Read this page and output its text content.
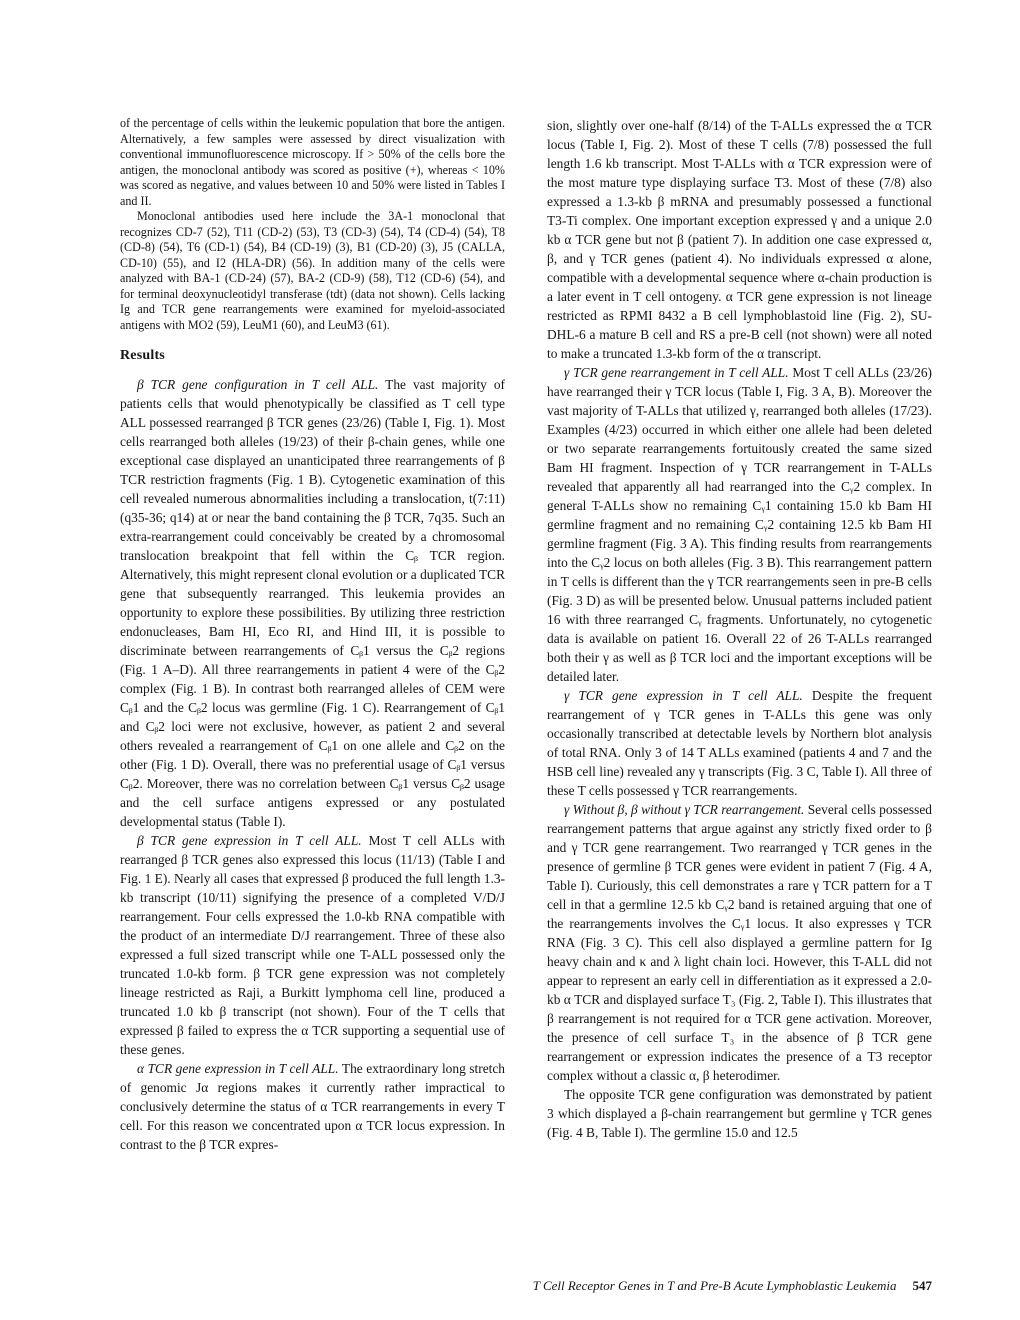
of the percentage of cells within the leukemic population that bore the antigen. Alternatively, a few samples were assessed by direct visualization with conventional immunofluorescence microscopy. If > 50% of the cells bore the antigen, the monoclonal antibody was scored as positive (+), whereas < 10% was scored as negative, and values between 10 and 50% were listed in Tables I and II.

Monoclonal antibodies used here include the 3A-1 monoclonal that recognizes CD-7 (52), T11 (CD-2) (53), T3 (CD-3) (54), T4 (CD-4) (54), T8 (CD-8) (54), T6 (CD-1) (54), B4 (CD-19) (3), B1 (CD-20) (3), J5 (CALLA, CD-10) (55), and I2 (HLA-DR) (56). In addition many of the cells were analyzed with BA-1 (CD-24) (57), BA-2 (CD-9) (58), T12 (CD-6) (54), and for terminal deoxynucleotidyl transferase (tdt) (data not shown). Cells lacking Ig and TCR gene rearrangements were examined for myeloid-associated antigens with MO2 (59), LeuM1 (60), and LeuM3 (61).

Results

β TCR gene configuration in T cell ALL. The vast majority of patients cells that would phenotypically be classified as T cell type ALL possessed rearranged β TCR genes (23/26) (Table I, Fig. 1). Most cells rearranged both alleles (19/23) of their β-chain genes, while one exceptional case displayed an unanticipated three rearrangements of β TCR restriction fragments (Fig. 1 B). Cytogenetic examination of this cell revealed numerous abnormalities including a translocation, t(7:11) (q35-36; q14) at or near the band containing the β TCR, 7q35. Such an extra-rearrangement could conceivably be created by a chromosomal translocation breakpoint that fell within the Cᵦ TCR region. Alternatively, this might represent clonal evolution or a duplicated TCR gene that subsequently rearranged. This leukemia provides an opportunity to explore these possibilities. By utilizing three restriction endonucleases, Bam HI, Eco RI, and Hind III, it is possible to discriminate between rearrangements of Cᵦ1 versus the Cᵦ2 regions (Fig. 1 A–D). All three rearrangements in patient 4 were of the Cᵦ2 complex (Fig. 1 B). In contrast both rearranged alleles of CEM were Cᵦ1 and the Cᵦ2 locus was germline (Fig. 1 C). Rearrangement of Cᵦ1 and Cᵦ2 loci were not exclusive, however, as patient 2 and several others revealed a rearrangement of Cᵦ1 on one allele and Cᵦ2 on the other (Fig. 1 D). Overall, there was no preferential usage of Cᵦ1 versus Cᵦ2. Moreover, there was no correlation between Cᵦ1 versus Cᵦ2 usage and the cell surface antigens expressed or any postulated developmental status (Table I).

β TCR gene expression in T cell ALL. Most T cell ALLs with rearranged β TCR genes also expressed this locus (11/13) (Table I and Fig. 1 E). Nearly all cases that expressed β produced the full length 1.3-kb transcript (10/11) signifying the presence of a completed V/D/J rearrangement. Four cells expressed the 1.0-kb RNA compatible with the product of an intermediate D/J rearrangement. Three of these also expressed a full sized transcript while one T-ALL possessed only the truncated 1.0-kb form. β TCR gene expression was not completely lineage restricted as Raji, a Burkitt lymphoma cell line, produced a truncated 1.0 kb β transcript (not shown). Four of the T cells that expressed β failed to express the α TCR supporting a sequential use of these genes.

α TCR gene expression in T cell ALL. The extraordinary long stretch of genomic Jα regions makes it currently rather impractical to conclusively determine the status of α TCR rearrangements in every T cell. For this reason we concentrated upon α TCR locus expression. In contrast to the β TCR expres-

sion, slightly over one-half (8/14) of the T-ALLs expressed the α TCR locus (Table I, Fig. 2). Most of these T cells (7/8) possessed the full length 1.6 kb transcript. Most T-ALLs with α TCR expression were of the most mature type displaying surface T3. Most of these (7/8) also expressed a 1.3-kb β mRNA and presumably possessed a functional T3-Ti complex. One important exception expressed γ and a unique 2.0 kb α TCR gene but not β (patient 7). In addition one case expressed α, β, and γ TCR genes (patient 4). No individuals expressed α alone, compatible with a developmental sequence where α-chain production is a later event in T cell ontogeny. α TCR gene expression is not lineage restricted as RPMI 8432 a B cell lymphoblastoid line (Fig. 2), SU-DHL-6 a mature B cell and RS a pre-B cell (not shown) were all noted to make a truncated 1.3-kb form of the α transcript.

γ TCR gene rearrangement in T cell ALL. Most T cell ALLs (23/26) have rearranged their γ TCR locus (Table I, Fig. 3 A, B). Moreover the vast majority of T-ALLs that utilized γ, rearranged both alleles (17/23). Examples (4/23) occurred in which either one allele had been deleted or two separate rearrangements fortuitously created the same sized Bam HI fragment. Inspection of γ TCR rearrangement in T-ALLs revealed that apparently all had rearranged into the Cᵧ2 complex. In general T-ALLs show no remaining Cᵧ1 containing 15.0 kb Bam HI germline fragment and no remaining Cᵧ2 containing 12.5 kb Bam HI germline fragment (Fig. 3 A). This finding results from rearrangements into the Cᵧ2 locus on both alleles (Fig. 3 B). This rearrangement pattern in T cells is different than the γ TCR rearrangements seen in pre-B cells (Fig. 3 D) as will be presented below. Unusual patterns included patient 16 with three rearranged Cᵧ fragments. Unfortunately, no cytogenetic data is available on patient 16. Overall 22 of 26 T-ALLs rearranged both their γ as well as β TCR loci and the important exceptions will be detailed later.

γ TCR gene expression in T cell ALL. Despite the frequent rearrangement of γ TCR genes in T-ALLs this gene was only occasionally transcribed at detectable levels by Northern blot analysis of total RNA. Only 3 of 14 T ALLs examined (patients 4 and 7 and the HSB cell line) revealed any γ transcripts (Fig. 3 C, Table I). All three of these T cells possessed γ TCR rearrangements.

γ Without β, β without γ TCR rearrangement. Several cells possessed rearrangement patterns that argue against any strictly fixed order to β and γ TCR gene rearrangement. Two rearranged γ TCR genes in the presence of germline β TCR genes were evident in patient 7 (Fig. 4 A, Table I). Curiously, this cell demonstrates a rare γ TCR pattern for a T cell in that a germline 12.5 kb Cᵧ2 band is retained arguing that one of the rearrangements involves the Cᵧ1 locus. It also expresses γ TCR RNA (Fig. 3 C). This cell also displayed a germline pattern for Ig heavy chain and κ and λ light chain loci. However, this T-ALL did not appear to represent an early cell in differentiation as it expressed a 2.0-kb α TCR and displayed surface T₃ (Fig. 2, Table I). This illustrates that β rearrangement is not required for α TCR gene activation. Moreover, the presence of cell surface T₃ in the absence of β TCR gene rearrangement or expression indicates the presence of a T3 receptor complex without a classic α, β heterodimer.

The opposite TCR gene configuration was demonstrated by patient 3 which displayed a β-chain rearrangement but germline γ TCR genes (Fig. 4 B, Table I). The germline 15.0 and 12.5

T Cell Receptor Genes in T and Pre-B Acute Lymphoblastic Leukemia 547
